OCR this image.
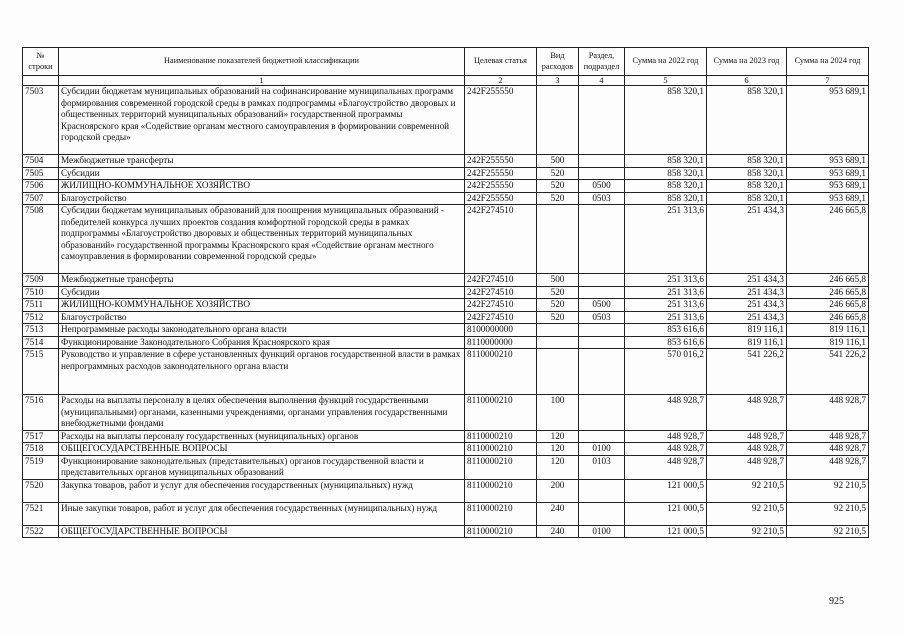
№ строки	Наименование показателей бюджетной классификации	Целевая статья	Вид расходов	Раздел, подраздел	Сумма на 2022 год	Сумма на 2023 год	Сумма на 2024 год
	1	2	3	4	5	6	7
7503	Субсидии бюджетам муниципальных образований на софинансирование муниципальных программ формирования современной городской среды в рамках подпрограммы «Благоустройство дворовых и общественных территорий муниципальных образований» государственной программы Красноярского края «Содействие органам местного самоуправления в формировании современной городской среды»	242F255550			858 320,1	858 320,1	953 689,1
7504	Межбюджетные трансферты	242F255550	500		858 320,1	858 320,1	953 689,1
7505	Субсидии	242F255550	520		858 320,1	858 320,1	953 689,1
7506	ЖИЛИЩНО-КОММУНАЛЬНОЕ ХОЗЯЙСТВО	242F255550	520	0500	858 320,1	858 320,1	953 689,1
7507	Благоустройство	242F255550	520	0503	858 320,1	858 320,1	953 689,1
7508	Субсидии бюджетам муниципальных образований для поощрения муниципальных образований - победителей конкурса лучших проектов создания комфортной городской среды в рамках подпрограммы «Благоустройство дворовых и общественных территорий муниципальных образований» государственной программы Красноярского края «Содействие органам местного самоуправления в формировании современной городской среды»	242F274510			251 313,6	251 434,3	246 665,8
7509	Межбюджетные трансферты	242F274510	500		251 313,6	251 434,3	246 665,8
7510	Субсидии	242F274510	520		251 313,6	251 434,3	246 665,8
7511	ЖИЛИЩНО-КОММУНАЛЬНОЕ ХОЗЯЙСТВО	242F274510	520	0500	251 313,6	251 434,3	246 665,8
7512	Благоустройство	242F274510	520	0503	251 313,6	251 434,3	246 665,8
7513	Непрограммные расходы законодательного органа власти	8100000000			853 616,6	819 116,1	819 116,1
7514	Функционирование Законодательного Собрания Красноярского края	8110000000			853 616,6	819 116,1	819 116,1
7515	Руководство и управление в сфере установленных функций органов государственной власти в рамках непрограммных расходов законодательного органа власти	8110000210			570 016,2	541 226,2	541 226,2
7516	Расходы на выплаты персоналу в целях обеспечения выполнения функций государственными (муниципальными) органами, казенными учреждениями, органами управления государственными внебюджетными фондами	8110000210	100		448 928,7	448 928,7	448 928,7
7517	Расходы на выплаты персоналу государственных (муниципальных) органов	8110000210	120		448 928,7	448 928,7	448 928,7
7518	ОБЩЕГОСУДАРСТВЕННЫЕ ВОПРОСЫ	8110000210	120	0100	448 928,7	448 928,7	448 928,7
7519	Функционирование законодательных (представительных) органов государственной власти и представительных органов муниципальных образований	8110000210	120	0103	448 928,7	448 928,7	448 928,7
7520	Закупка товаров, работ и услуг для обеспечения государственных (муниципальных) нужд	8110000210	200		121 000,5	92 210,5	92 210,5
7521	Иные закупки товаров, работ и услуг для обеспечения государственных (муниципальных) нужд	8110000210	240		121 000,5	92 210,5	92 210,5
7522	ОБЩЕГОСУДАРСТВЕННЫЕ ВОПРОСЫ	8110000210	240	0100	121 000,5	92 210,5	92 210,5
925
